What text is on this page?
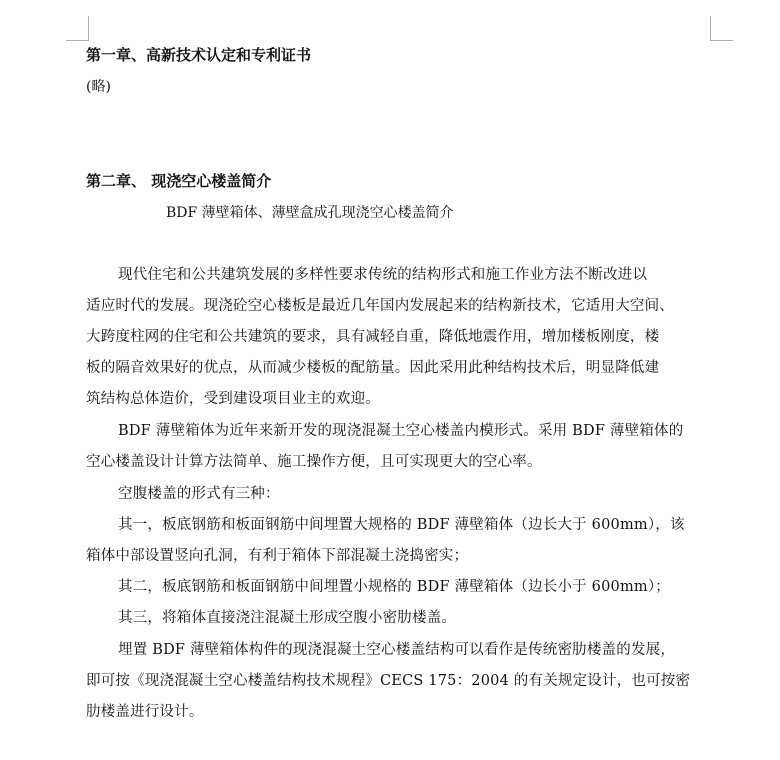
第一章、高新技术认定和专利证书
(略)
第二章、 现浇空心楼盖简介
BDF 薄壁箱体、薄壁盒成孔现浇空心楼盖简介
现代住宅和公共建筑发展的多样性要求传统的结构形式和施工作业方法不断改进以
适应时代的发展。现浇砼空心楼板是最近几年国内发展起来的结构新技术，它适用大空间、
大跨度柱网的住宅和公共建筑的要求，具有减轻自重，降低地震作用，增加楼板刚度，楼
板的隔音效果好的优点，从而减少楼板的配筋量。因此采用此种结构技术后，明显降低建
筑结构总体造价，受到建设项目业主的欢迎。
BDF 薄壁箱体为近年来新开发的现浇混凝土空心楼盖内模形式。采用 BDF 薄壁箱体的
空心楼盖设计计算方法简单、施工操作方便，且可实现更大的空心率。
空腹楼盖的形式有三种：
其一，板底钢筋和板面钢筋中间埋置大规格的 BDF 薄壁箱体（边长大于 600mm），该
箱体中部设置竖向孔洞，有利于箱体下部混凝土浇捣密实；
其二，板底钢筋和板面钢筋中间埋置小规格的 BDF 薄壁箱体（边长小于 600mm）；
其三，将箱体直接浇注混凝土形成空腹小密肋楼盖。
埋置 BDF 薄壁箱体构件的现浇混凝土空心楼盖结构可以看作是传统密肋楼盖的发展，
即可按《现浇混凝土空心楼盖结构技术规程》CECS 175：2004 的有关规定设计，也可按密
肋楼盖进行设计。
